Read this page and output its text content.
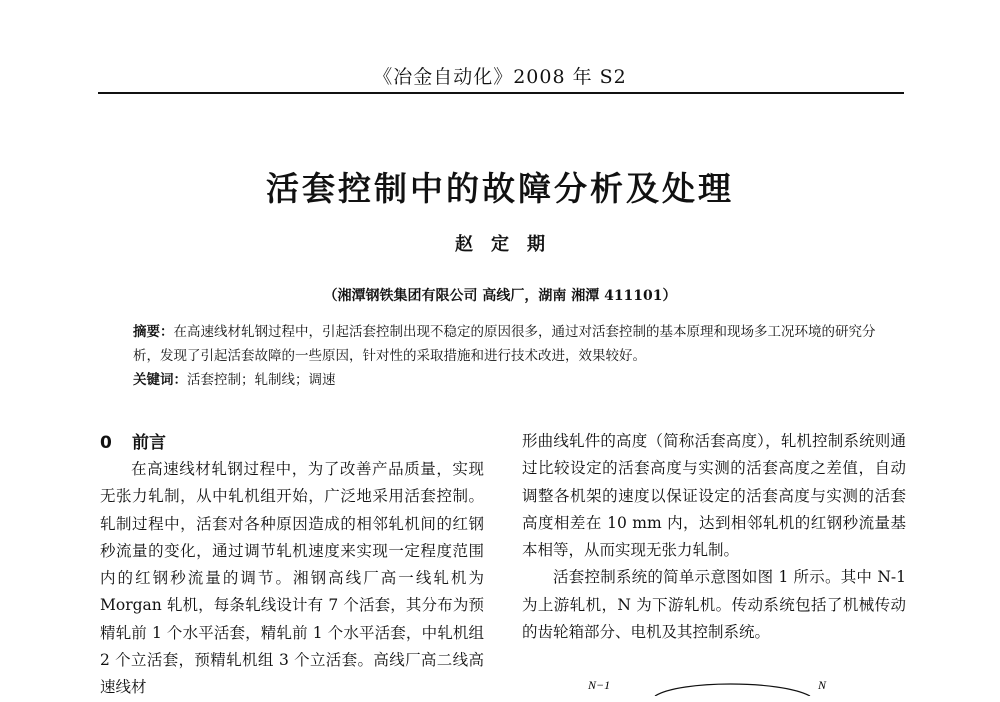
《冶金自动化》2008 年 S2
活套控制中的故障分析及处理
赵定期
（湘潭钢铁集团有限公司 高线厂，湖南 湘潭 411101）
摘要：在高速线材轧钢过程中，引起活套控制出现不稳定的原因很多，通过对活套控制的基本原理和现场多工况环境的研究分析，发现了引起活套故障的一些原因，针对性的采取措施和进行技术改进，效果较好。
关键词：活套控制；轧制线；调速
0 前言

在高速线材轧钢过程中，为了改善产品质量，实现无张力轧制，从中轧机组开始，广泛地采用活套控制。轧制过程中，活套对各种原因造成的相邻轧机间的红钢秒流量的变化，通过调节轧机速度来实现一定程度范围内的红钢秒流量的调节。湘钢高线厂高一线轧机为 Morgan 轧机，每条轧线设计有 7 个活套，其分布为预精轧前 1 个水平活套，精轧前 1 个水平活套，中轧机组 2 个立活套，预精轧机组 3 个立活套。高线厂高二线高速线材

形曲线轧件的高度（简称活套高度），轧机控制系统则通过比较设定的活套高度与实测的活套高度之差值，自动调整各机架的速度以保证设定的活套高度与实测的活套高度相差在 10 mm 内，达到相邻轧机的红钢秒流量基本相等，从而实现无张力轧制。

活套控制系统的简单示意图如图 1 所示。其中 N-1 为上游轧机，N 为下游轧机。传动系统包括了机械传动的齿轮箱部分、电机及其控制系统。

N−1	N
